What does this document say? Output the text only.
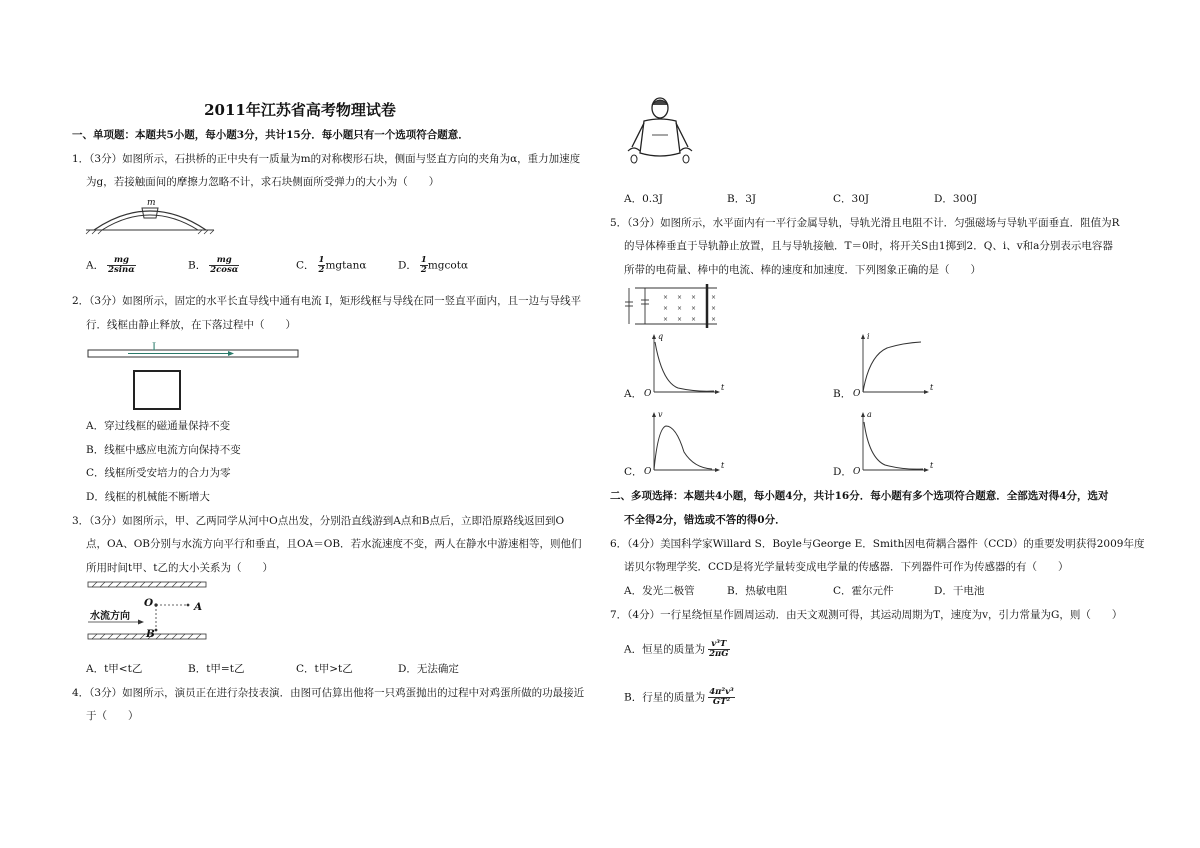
2011年江苏省高考物理试卷
一、单项题：本题共5小题，每小题3分，共计15分．每小题只有一个选项符合题意．
1．（3分）如图所示，石拱桥的正中央有一质量为m的对称楔形石块，侧面与竖直方向的夹角为α，重力加速度
为g，若接触面间的摩擦力忽略不计，求石块侧面所受弹力的大小为（　　）
m
A． $\frac{mg}{2\sin\alpha}$	B． $\frac{mg}{2\cos\alpha}$	C． $\frac{1}{2}$ mgtanα	D． $\frac{1}{2}$ mgcotα
2．（3分）如图所示，固定的水平长直导线中通有电流 I，矩形线框与导线在同一竖直平面内，且一边与导线平
行．线框由静止释放，在下落过程中（　　）
I
A．穿过线框的磁通量保持不变
B．线框中感应电流方向保持不变
C．线框所受安培力的合力为零
D．线框的机械能不断增大
3．（3分）如图所示，甲、乙两同学从河中O点出发，分别沿直线游到A点和B点后，立即沿原路线返回到O
点，OA、OB分别与水流方向平行和垂直，且OA＝OB．若水流速度不变，两人在静水中游速相等，则他们
所用时间t甲、t乙的大小关系为（　　）
水流方向
O	A
B
A．t甲<t乙	B．t甲=t乙	C．t甲>t乙	D．无法确定
4．（3分）如图所示，演员正在进行杂技表演．由图可估算出他将一只鸡蛋抛出的过程中对鸡蛋所做的功最接近
于（　　）
A．0.3J	B．3J	C．30J	D．300J
5．（3分）如图所示，水平面内有一平行金属导轨，导轨光滑且电阻不计．匀强磁场与导轨平面垂直．阻值为R
的导体棒垂直于导轨静止放置，且与导轨接触．T＝0时，将开关S由1掷到2．Q、i、v和a分别表示电容器
所带的电荷量、棒中的电流、棒的速度和加速度．下列图象正确的是（　　）
× × × ×
× × × ×
× × × ×
A． O
q
t
B． O
i
t
C． O
v
t
D． O
a
t
二、多项选择：本题共4小题，每小题4分，共计16分．每小题有多个选项符合题意．全部选对得4分，选对
不全得2分，错选或不答的得0分．
6．（4分）美国科学家Willard S．Boyle与George E．Smith因电荷耦合器件（CCD）的重要发明获得2009年度
诺贝尔物理学奖．CCD是将光学量转变成电学量的传感器．下列器件可作为传感器的有（　　）
A．发光二极管	B．热敏电阻	C．霍尔元件	D．干电池
7．（4分）一行星绕恒星作圆周运动．由天文观测可得，其运动周期为T，速度为v，引力常量为G，则（　　）
A．恒星的质量为 $\frac{\text{v³T}}{2\pi G}$
B．行星的质量为 $\frac{\text{4π²v³}}{\text{GT²}}$
